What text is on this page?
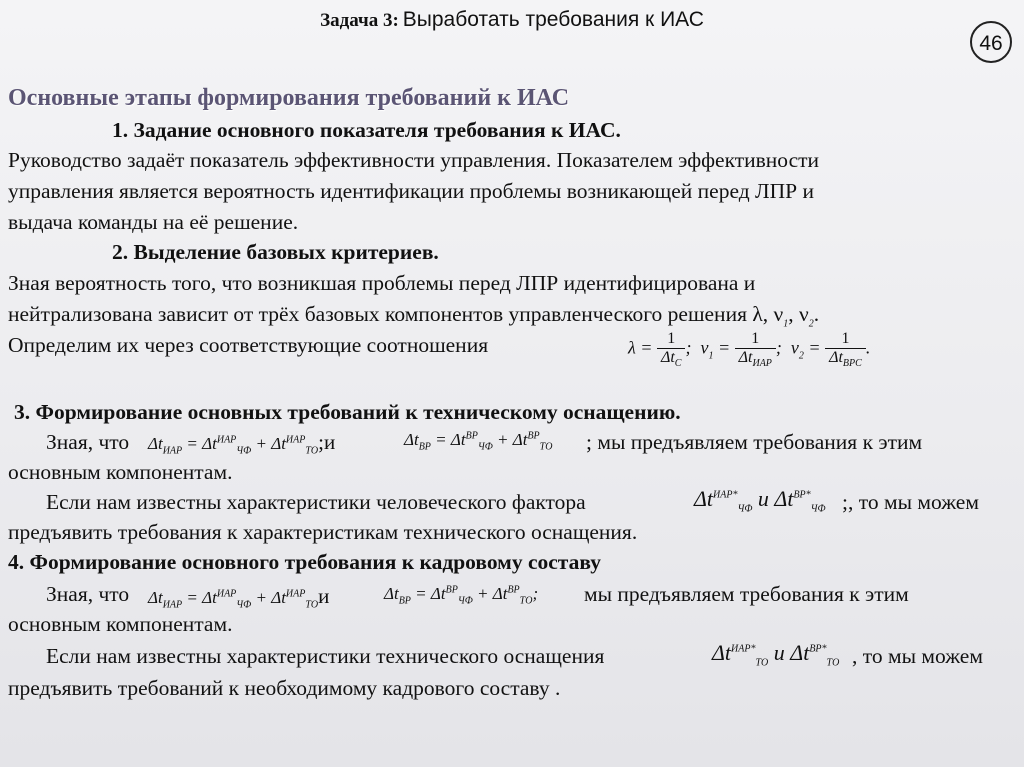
Задача 3: Выработать требования к ИАС
46
Основные этапы формирования требований к ИАС
1. Задание основного показателя требования к ИАС.
Руководство задаёт показатель эффективности управления. Показателем эффективности
управления является вероятность идентификации проблемы возникающей перед ЛПР и
выдача команды на её решение.
2. Выделение базовых критериев.
Зная вероятность того, что возникшая проблемы перед ЛПР идентифицирована и
нейтрализована зависит от трёх базовых компонентов управленческого решения λ, $\nu_1$, $\nu_2$.
Определим их через соответствующие соотношения	$\lambda = \frac{1}{\Delta t_C}$ ;  $\nu_1 = \frac{1}{\Delta t_{ИАР}}$ ;  $\nu_2 = \frac{1}{\Delta t_{ВРС}}$ .
3. Формирование основных требований к техническому оснащению.
Зная, что $\Delta t_{ИАР} = \Delta t^{ИАР}_{ЧФ}$ + $\Delta t^{ИАР}_{ТО};и$	$\Delta t_{ВР} = \Delta t^{ВР}_{ЧФ} + \Delta t^{ВР}_{ТО}$ ; мы предъявляем требования к этим
основным компонентам.
Если нам известны характеристики человеческого фактора	$\Delta t^{ИАР*}_{ЧФ}$ и $\Delta t^{ВР*}_{ЧФ}$ ;, то мы можем
предъявить требования к характеристикам технического оснащения.
4. Формирование основного требования к кадровому составу
Зная, что $\Delta t_{ИАР} = \Delta t^{ИАР}_{ЧФ} + \Delta t^{ИАР}_{ТО}и$	$\Delta t_{ВР} = \Delta t^{ВР}_{ЧФ} + \Delta t^{ВР}_{ТО}$; мы предъявляем требования к этим
основным компонентам.
Если нам известны характеристики технического оснащения	$\Delta t^{ИАР*}_{ТО}$ и $\Delta t^{ВР*}_{ТО}$ , то мы можем
предъявить требований к необходимому кадрового составу .
